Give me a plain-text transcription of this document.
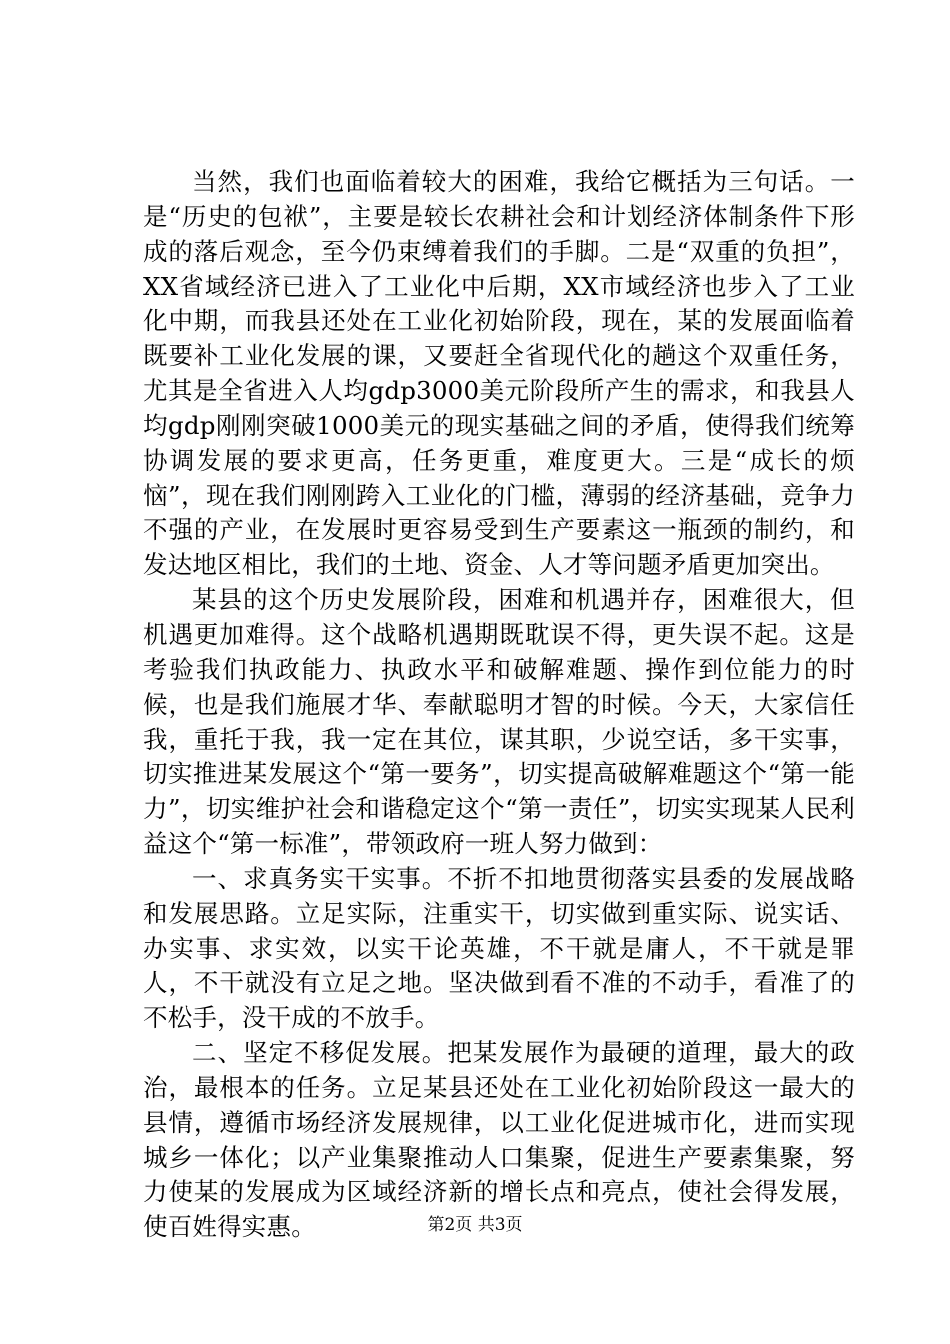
当然，我们也面临着较大的困难，我给它概括为三句话。一是“历史的包袱”，主要是较长农耕社会和计划经济体制条件下形成的落后观念，至今仍束缚着我们的手脚。二是“双重的负担”，XX省域经济已进入了工业化中后期，XX市域经济也步入了工业化中期，而我县还处在工业化初始阶段，现在，某的发展面临着既要补工业化发展的课，又要赶全省现代化的趟这个双重任务，尤其是全省进入人均gdp3000美元阶段所产生的需求，和我县人均gdp刚刚突破1000美元的现实基础之间的矛盾，使得我们统筹协调发展的要求更高，任务更重，难度更大。三是“成长的烦恼”，现在我们刚刚跨入工业化的门槛，薄弱的经济基础，竞争力不强的产业，在发展时更容易受到生产要素这一瓶颈的制约，和发达地区相比，我们的土地、资金、人才等问题矛盾更加突出。

某县的这个历史发展阶段，困难和机遇并存，困难很大，但机遇更加难得。这个战略机遇期既耽误不得，更失误不起。这是考验我们执政能力、执政水平和破解难题、操作到位能力的时候，也是我们施展才华、奉献聪明才智的时候。今天，大家信任我，重托于我，我一定在其位，谋其职，少说空话，多干实事，切实推进某发展这个“第一要务”，切实提高破解难题这个“第一能力”，切实维护社会和谐稳定这个“第一责任”，切实实现某人民利益这个“第一标准”，带领政府一班人努力做到：

一、求真务实干实事。不折不扣地贯彻落实县委的发展战略和发展思路。立足实际，注重实干，切实做到重实际、说实话、办实事、求实效，以实干论英雄，不干就是庸人，不干就是罪人，不干就没有立足之地。坚决做到看不准的不动手，看准了的不松手，没干成的不放手。

二、坚定不移促发展。把某发展作为最硬的道理，最大的政治，最根本的任务。立足某县还处在工业化初始阶段这一最大的县情，遵循市场经济发展规律，以工业化促进城市化，进而实现城乡一体化；以产业集聚推动人口集聚，促进生产要素集聚，努力使某的发展成为区域经济新的增长点和亮点，使社会得发展，使百姓得实惠。	第2页 共3页
